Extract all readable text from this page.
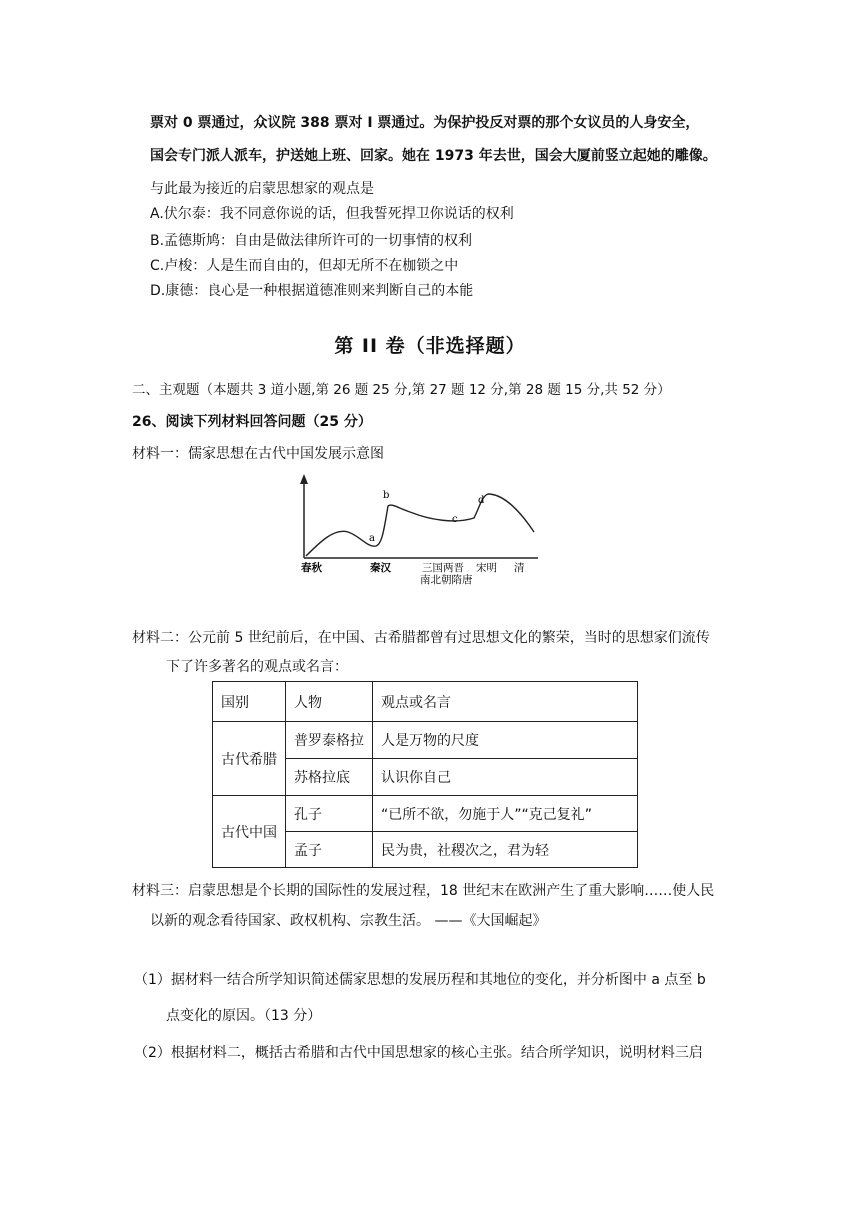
票对 0 票通过，众议院 388 票对 I 票通过。为保护投反对票的那个女议员的人身安全，
国会专门派人派车，护送她上班、回家。她在 1973 年去世，国会大厦前竖立起她的雕像。
与此最为接近的启蒙思想家的观点是
A.伏尔泰：我不同意你说的话，但我誓死捍卫你说话的权利
B.孟德斯鸠：自由是做法律所许可的一切事情的权利
C.卢梭：人是生而自由的，但却无所不在枷锁之中
D.康德：良心是一种根据道德准则来判断自己的本能
第 II 卷（非选择题）
二、主观题（本题共 3 道小题,第 26 题 25 分,第 27 题 12 分,第 28 题 15 分,共 52 分）
26、阅读下列材料回答问题（25 分）
材料一：儒家思想在古代中国发展示意图
a
b
c
d
春秋	秦汉	三国两晋
南北朝隋唐
宋明 清
材料二：公元前 5 世纪前后，在中国、古希腊都曾有过思想文化的繁荣，当时的思想家们流传
下了许多著名的观点或名言：
国别	人物	观点或名言
古代希腊	普罗泰格拉	人是万物的尺度
	苏格拉底	认识你自己
古代中国	孔子	“已所不欲，勿施于人”“克己复礼”
	孟子	民为贵，社稷次之，君为轻
材料三：启蒙思想是个长期的国际性的发展过程，18 世纪末在欧洲产生了重大影响……使人民
以新的观念看待国家、政权机构、宗教生活。 ——《大国崛起》
（1）据材料一结合所学知识简述儒家思想的发展历程和其地位的变化，并分析图中 a 点至 b
点变化的原因。（13 分）
（2）根据材料二，概括古希腊和古代中国思想家的核心主张。结合所学知识，说明材料三启
